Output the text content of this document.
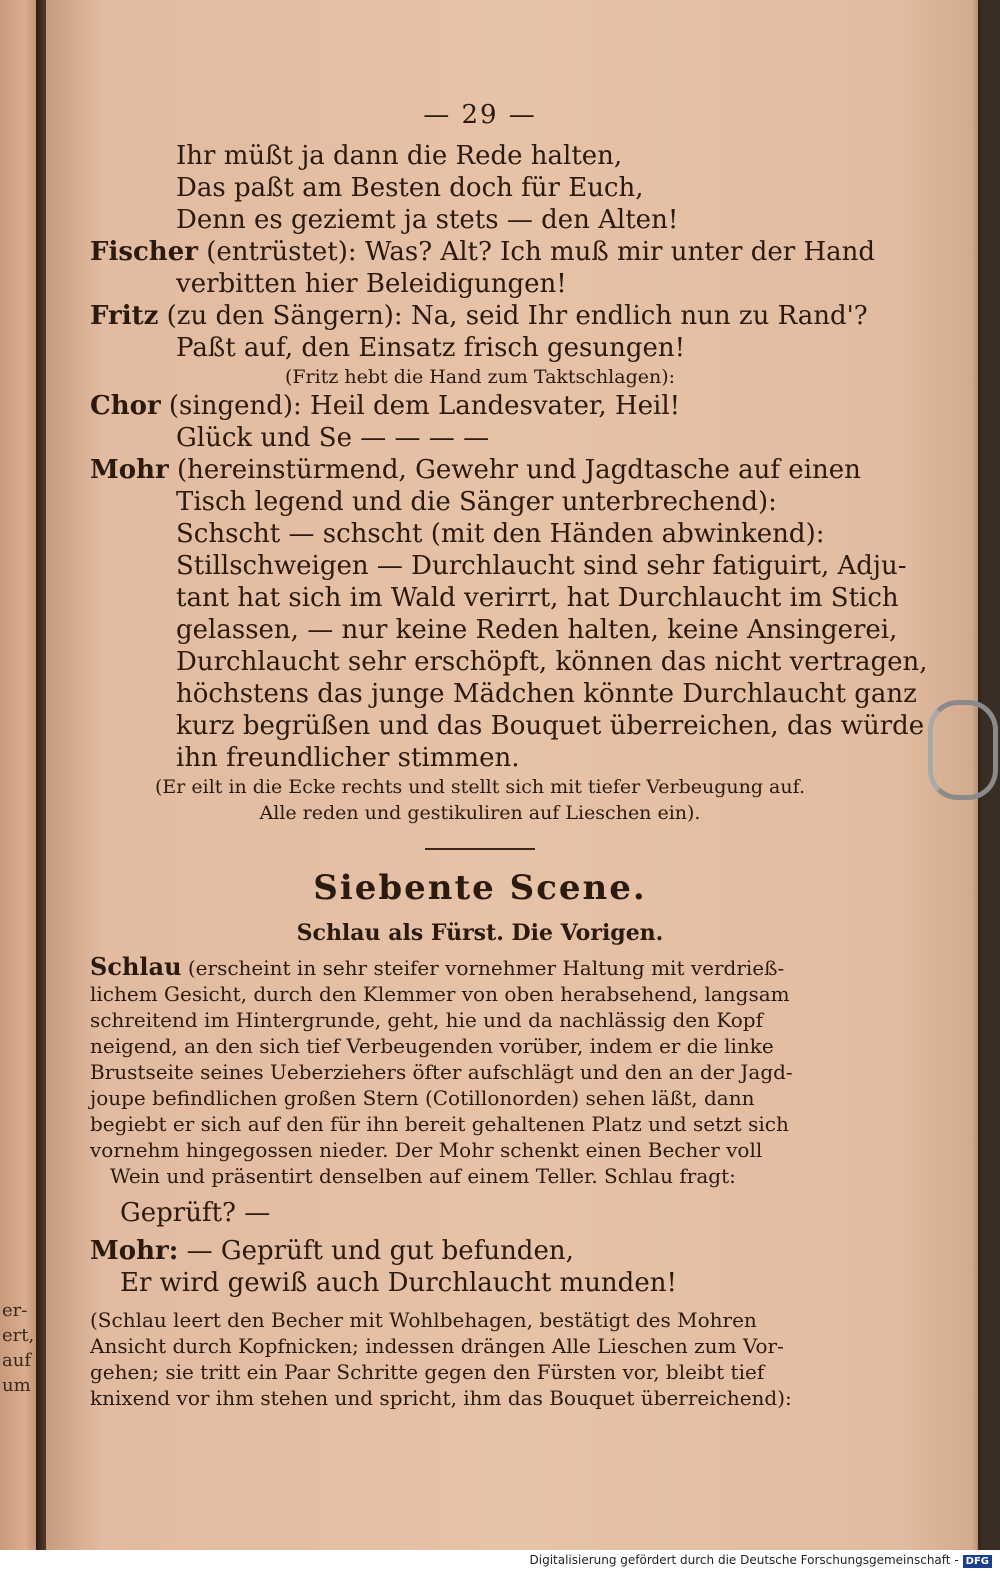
er-
ert,
auf
um
— 29 —
Ihr müßt ja dann die Rede halten,
Das paßt am Besten doch für Euch,
Denn es geziemt ja stets — den Alten!
Fischer (entrüstet): Was? Alt? Ich muß mir unter der Hand
verbitten hier Beleidigungen!
Fritz (zu den Sängern): Na, seid Ihr endlich nun zu Rand'?
Paßt auf, den Einsatz frisch gesungen!
(Fritz hebt die Hand zum Taktschlagen):
Chor (singend): Heil dem Landesvater, Heil!
Glück und Se — — — —
Mohr (hereinstürmend, Gewehr und Jagdtasche auf einen
Tisch legend und die Sänger unterbrechend):
Schscht — schscht (mit den Händen abwinkend):
Stillschweigen — Durchlaucht sind sehr fatiguirt, Adju-
tant hat sich im Wald verirrt, hat Durchlaucht im Stich
gelassen, — nur keine Reden halten, keine Ansingerei,
Durchlaucht sehr erschöpft, können das nicht vertragen,
höchstens das junge Mädchen könnte Durchlaucht ganz
kurz begrüßen und das Bouquet überreichen, das würde
ihn freundlicher stimmen.
(Er eilt in die Ecke rechts und stellt sich mit tiefer Verbeugung auf.
Alle reden und gestikuliren auf Lieschen ein).
Siebente Scene.
Schlau als Fürst. Die Vorigen.
Schlau (erscheint in sehr steifer vornehmer Haltung mit verdrieß-
lichem Gesicht, durch den Klemmer von oben herabsehend, langsam
schreitend im Hintergrunde, geht, hie und da nachlässig den Kopf
neigend, an den sich tief Verbeugenden vorüber, indem er die linke
Brustseite seines Ueberziehers öfter aufschlägt und den an der Jagd-
joupe befindlichen großen Stern (Cotillonorden) sehen läßt, dann
begiebt er sich auf den für ihn bereit gehaltenen Platz und setzt sich
vornehm hingegossen nieder. Der Mohr schenkt einen Becher voll
Wein und präsentirt denselben auf einem Teller. Schlau fragt:
Geprüft? —
Mohr: — Geprüft und gut befunden,
Er wird gewiß auch Durchlaucht munden!
(Schlau leert den Becher mit Wohlbehagen, bestätigt des Mohren
Ansicht durch Kopfnicken; indessen drängen Alle Lieschen zum Vor-
gehen; sie tritt ein Paar Schritte gegen den Fürsten vor, bleibt tief
knixend vor ihm stehen und spricht, ihm das Bouquet überreichend):
Digitalisierung gefördert durch die Deutsche Forschungsgemeinschaft - DFG
